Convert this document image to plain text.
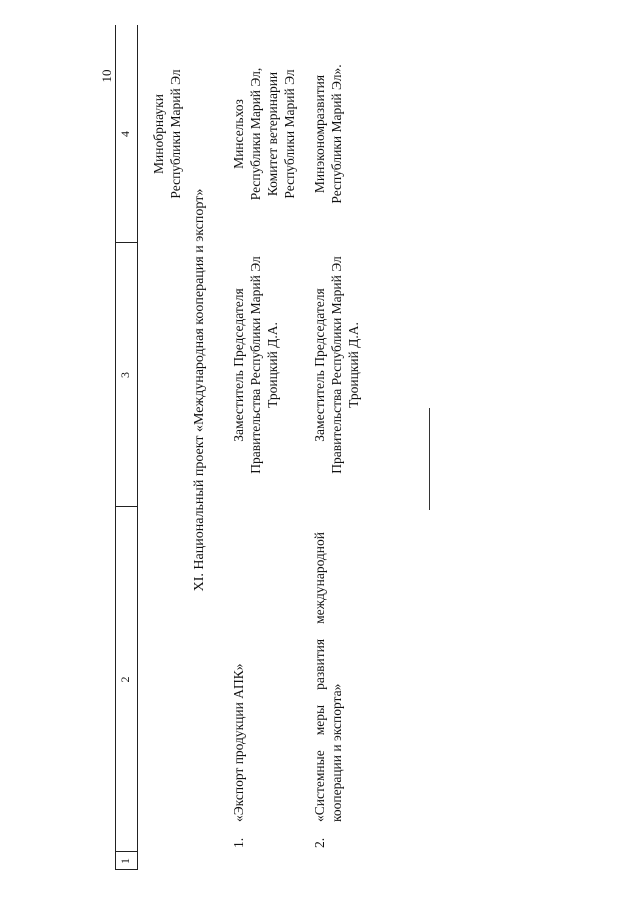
10
1
2
3
4 Минобрнауки Республики Марий Эл
XI. Национальный проект «Международная кооперация и экспорт»
1.
«Экспорт продукции АПК»
Заместитель Председателя Правительства Республики Марий Эл Троицкий Д.А.
Минсельхоз Республики Марий Эл, Комитет ветеринарии Республики Марий Эл
2.
«Системные меры развития международной кооперации и экспорта»
Заместитель Председателя Правительства Республики Марий Эл Троицкий Д.А.
Минэкономразвития Республики Марий Эл».
